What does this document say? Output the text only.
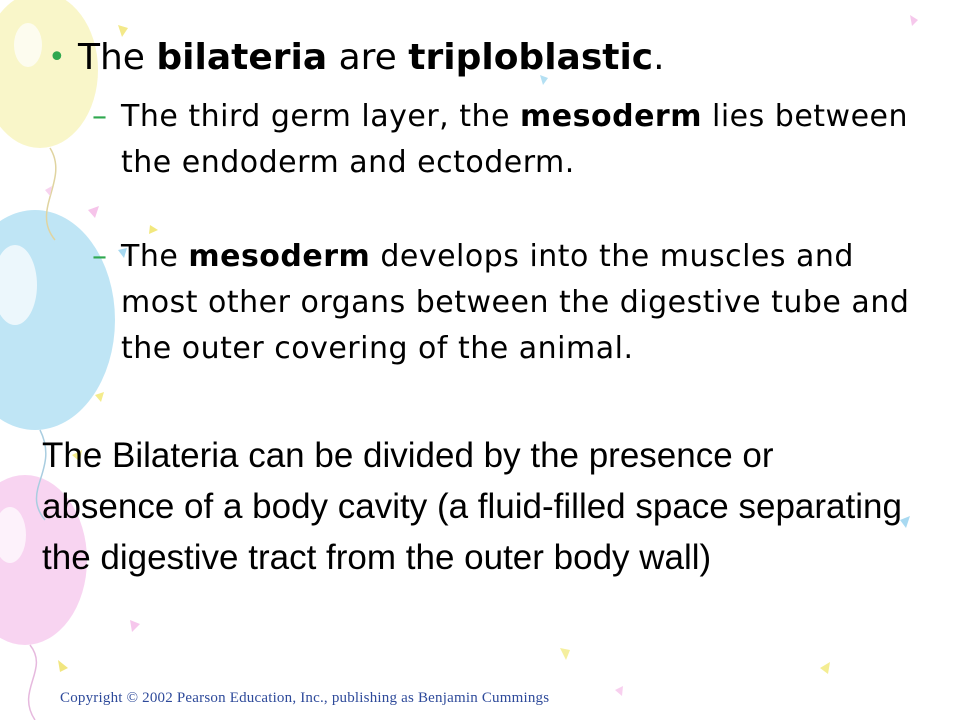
• The bilateria are triploblastic.
– The third germ layer, the mesoderm lies between the endoderm and ectoderm.
– The mesoderm develops into the muscles and most other organs between the digestive tube and the outer covering of the animal.
The Bilateria can be divided by the presence or absence of a body cavity (a fluid-filled space separating the digestive tract from the outer body wall)
Copyright © 2002 Pearson Education, Inc., publishing as Benjamin Cummings
